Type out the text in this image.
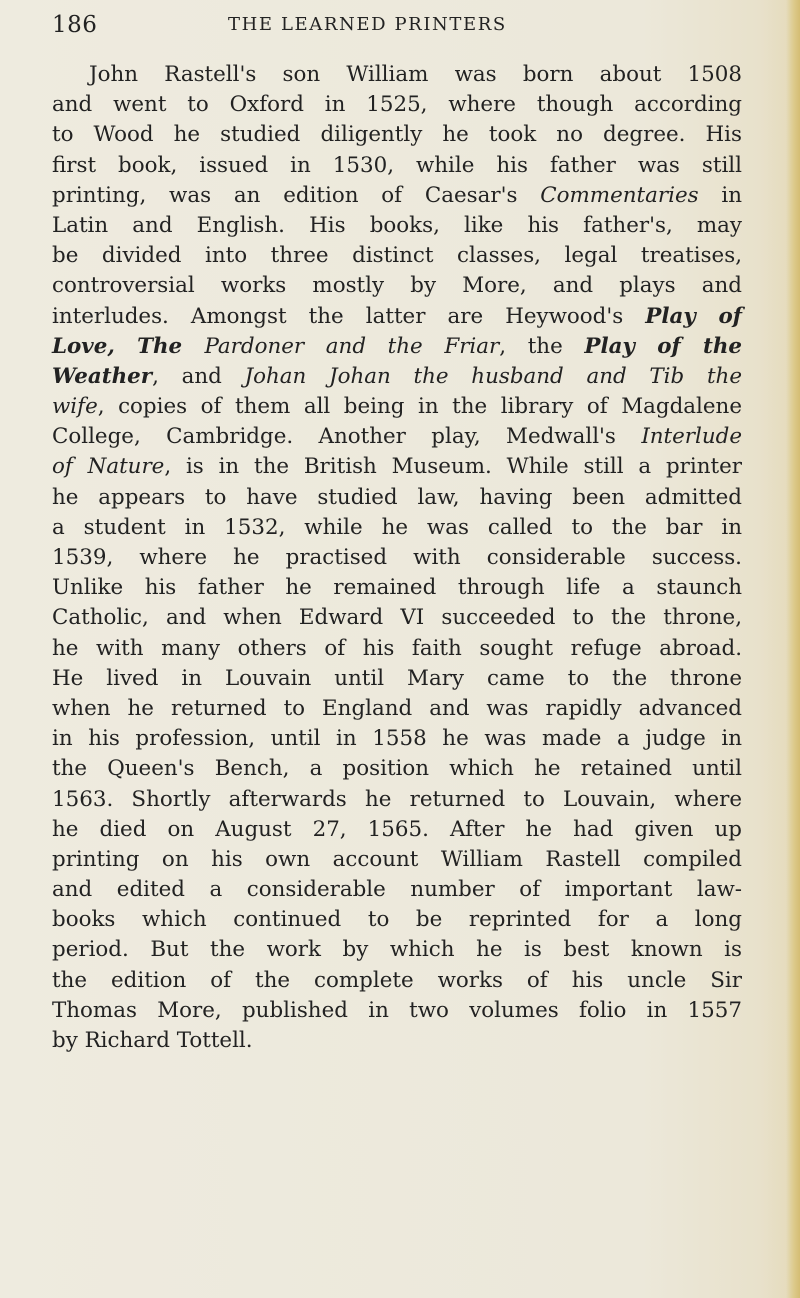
186	THE LEARNED PRINTERS
John Rastell's son William was born about 1508
and went to Oxford in 1525, where though according
to Wood he studied diligently he took no degree. His
first book, issued in 1530, while his father was still
printing, was an edition of Caesar's Commentaries in
Latin and English. His books, like his father's, may
be divided into three distinct classes, legal treatises,
controversial works mostly by More, and plays and
interludes. Amongst the latter are Heywood's Play of
Love, The Pardoner and the Friar, the Play of the
Weather, and Johan Johan the husband and Tib the
wife, copies of them all being in the library of Magdalene
College, Cambridge. Another play, Medwall's Interlude
of Nature, is in the British Museum. While still a printer
he appears to have studied law, having been admitted
a student in 1532, while he was called to the bar in
1539, where he practised with considerable success.
Unlike his father he remained through life a staunch
Catholic, and when Edward VI succeeded to the throne,
he with many others of his faith sought refuge abroad.
He lived in Louvain until Mary came to the throne
when he returned to England and was rapidly advanced
in his profession, until in 1558 he was made a judge in
the Queen's Bench, a position which he retained until
1563. Shortly afterwards he returned to Louvain, where
he died on August 27, 1565. After he had given up
printing on his own account William Rastell compiled
and edited a considerable number of important law-
books which continued to be reprinted for a long
period. But the work by which he is best known is
the edition of the complete works of his uncle Sir
Thomas More, published in two volumes folio in 1557
by Richard Tottell.
